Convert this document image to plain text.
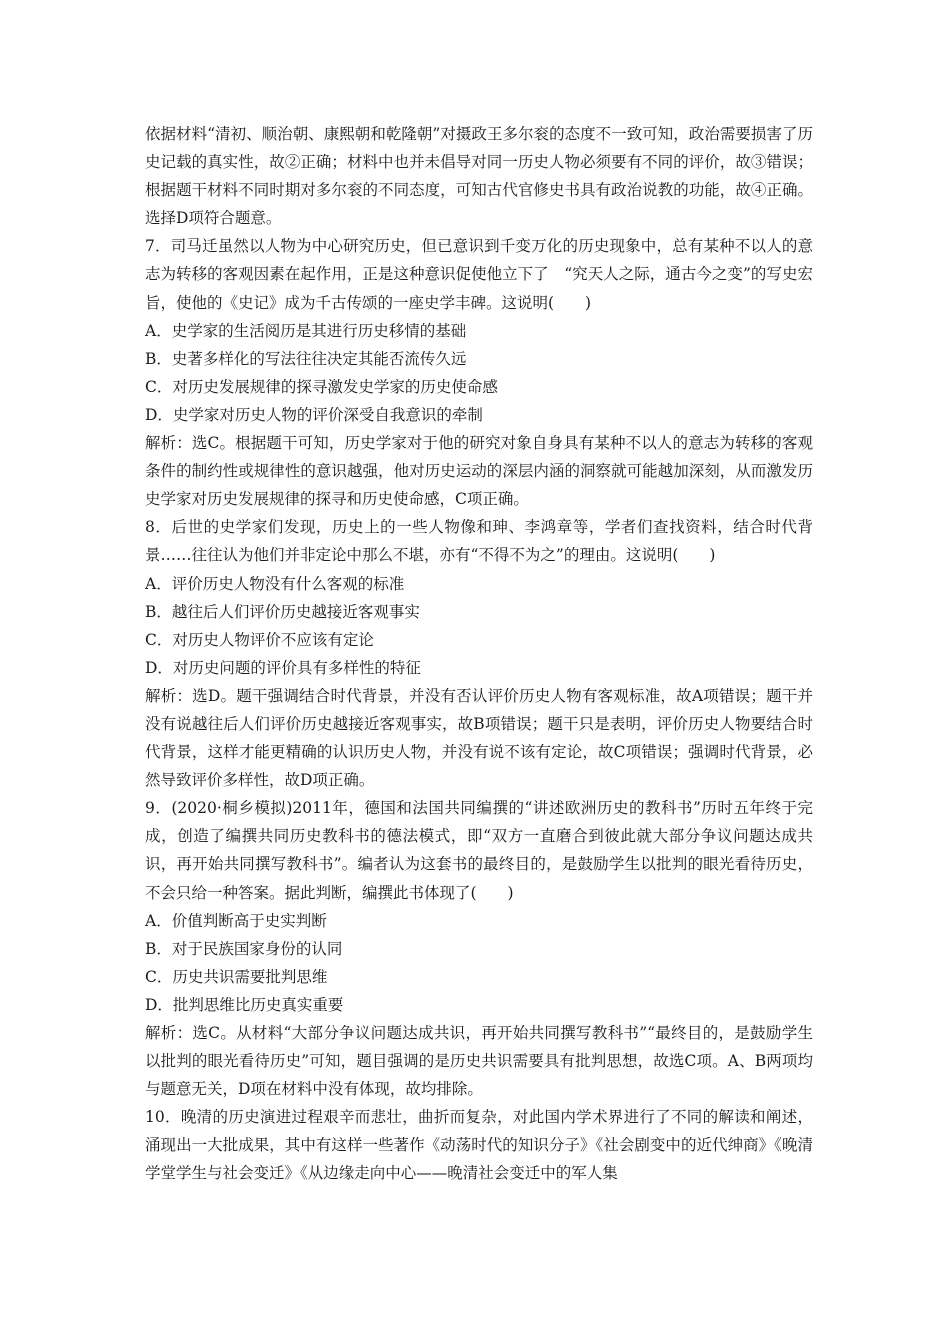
依据材料“清初、顺治朝、康熙朝和乾隆朝”对摄政王多尔衮的态度不一致可知，政治需要损害了历史记载的真实性，故②正确；材料中也并未倡导对同一历史人物必须要有不同的评价，故③错误；根据题干材料不同时期对多尔衮的不同态度，可知古代官修史书具有政治说教的功能，故④正确。选择D项符合题意。

7．司马迁虽然以人物为中心研究历史，但已意识到千变万化的历史现象中，总有某种不以人的意志为转移的客观因素在起作用，正是这种意识促使他立下了　“究天人之际，通古今之变”的写史宏旨，使他的《史记》成为千古传颂的一座史学丰碑。这说明(　　)

A．史学家的生活阅历是其进行历史移情的基础

B．史著多样化的写法往往决定其能否流传久远

C．对历史发展规律的探寻激发史学家的历史使命感

D．史学家对历史人物的评价深受自我意识的牵制

解析：选C。根据题干可知，历史学家对于他的研究对象自身具有某种不以人的意志为转移的客观条件的制约性或规律性的意识越强，他对历史运动的深层内涵的洞察就可能越加深刻，从而激发历史学家对历史发展规律的探寻和历史使命感，C项正确。

8．后世的史学家们发现，历史上的一些人物像和珅、李鸿章等，学者们查找资料，结合时代背景……往往认为他们并非定论中那么不堪，亦有“不得不为之”的理由。这说明(　　)

A．评价历史人物没有什么客观的标准

B．越往后人们评价历史越接近客观事实

C．对历史人物评价不应该有定论

D．对历史问题的评价具有多样性的特征

解析：选D。题干强调结合时代背景，并没有否认评价历史人物有客观标准，故A项错误；题干并没有说越往后人们评价历史越接近客观事实，故B项错误；题干只是表明，评价历史人物要结合时代背景，这样才能更精确的认识历史人物，并没有说不该有定论，故C项错误；强调时代背景，必然导致评价多样性，故D项正确。

9．(2020·桐乡模拟)2011年，德国和法国共同编撰的“讲述欧洲历史的教科书”历时五年终于完成，创造了编撰共同历史教科书的德法模式，即“双方一直磨合到彼此就大部分争议问题达成共识，再开始共同撰写教科书”。编者认为这套书的最终目的，是鼓励学生以批判的眼光看待历史，不会只给一种答案。据此判断，编撰此书体现了(　　)

A．价值判断高于史实判断

B．对于民族国家身份的认同

C．历史共识需要批判思维

D．批判思维比历史真实重要

解析：选C。从材料“大部分争议问题达成共识，再开始共同撰写教科书”“最终目的，是鼓励学生以批判的眼光看待历史”可知，题目强调的是历史共识需要具有批判思想，故选C项。A、B两项均与题意无关，D项在材料中没有体现，故均排除。

10．晚清的历史演进过程艰辛而悲壮，曲折而复杂，对此国内学术界进行了不同的解读和阐述，涌现出一大批成果，其中有这样一些著作《动荡时代的知识分子》《社会剧变中的近代绅商》《晚清学堂学生与社会变迁》《从边缘走向中心——晚清社会变迁中的军人集
